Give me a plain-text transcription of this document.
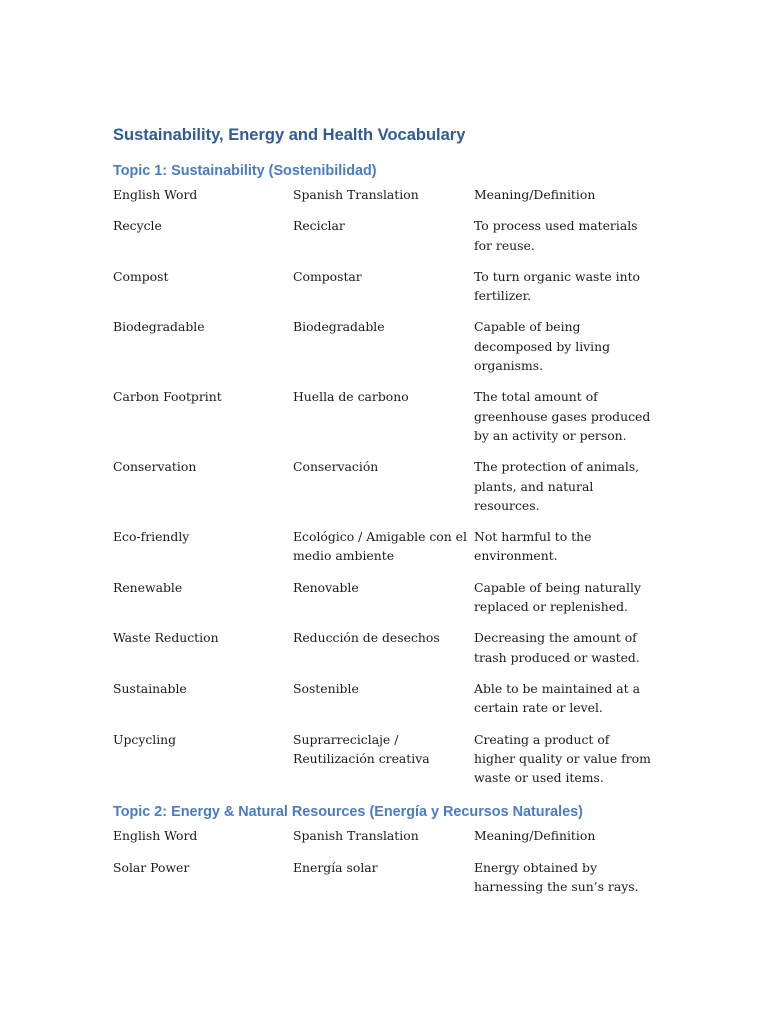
Sustainability, Energy and Health Vocabulary
Topic 1: Sustainability (Sostenibilidad)
English Word	Spanish Translation	Meaning/Definition
Recycle	Reciclar	To process used materials for reuse.
Compost	Compostar	To turn organic waste into fertilizer.
Biodegradable	Biodegradable	Capable of being decomposed by living organisms.
Carbon Footprint	Huella de carbono	The total amount of greenhouse gases produced by an activity or person.
Conservation	Conservación	The protection of animals, plants, and natural resources.
Eco-friendly	Ecológico / Amigable con el medio ambiente	Not harmful to the environment.
Renewable	Renovable	Capable of being naturally replaced or replenished.
Waste Reduction	Reducción de desechos	Decreasing the amount of trash produced or wasted.
Sustainable	Sostenible	Able to be maintained at a certain rate or level.
Upcycling	Suprarreciclaje / Reutilización creativa	Creating a product of higher quality or value from waste or used items.
Topic 2: Energy & Natural Resources (Energía y Recursos Naturales)
English Word	Spanish Translation	Meaning/Definition
Solar Power	Energía solar	Energy obtained by harnessing the sun’s rays.
